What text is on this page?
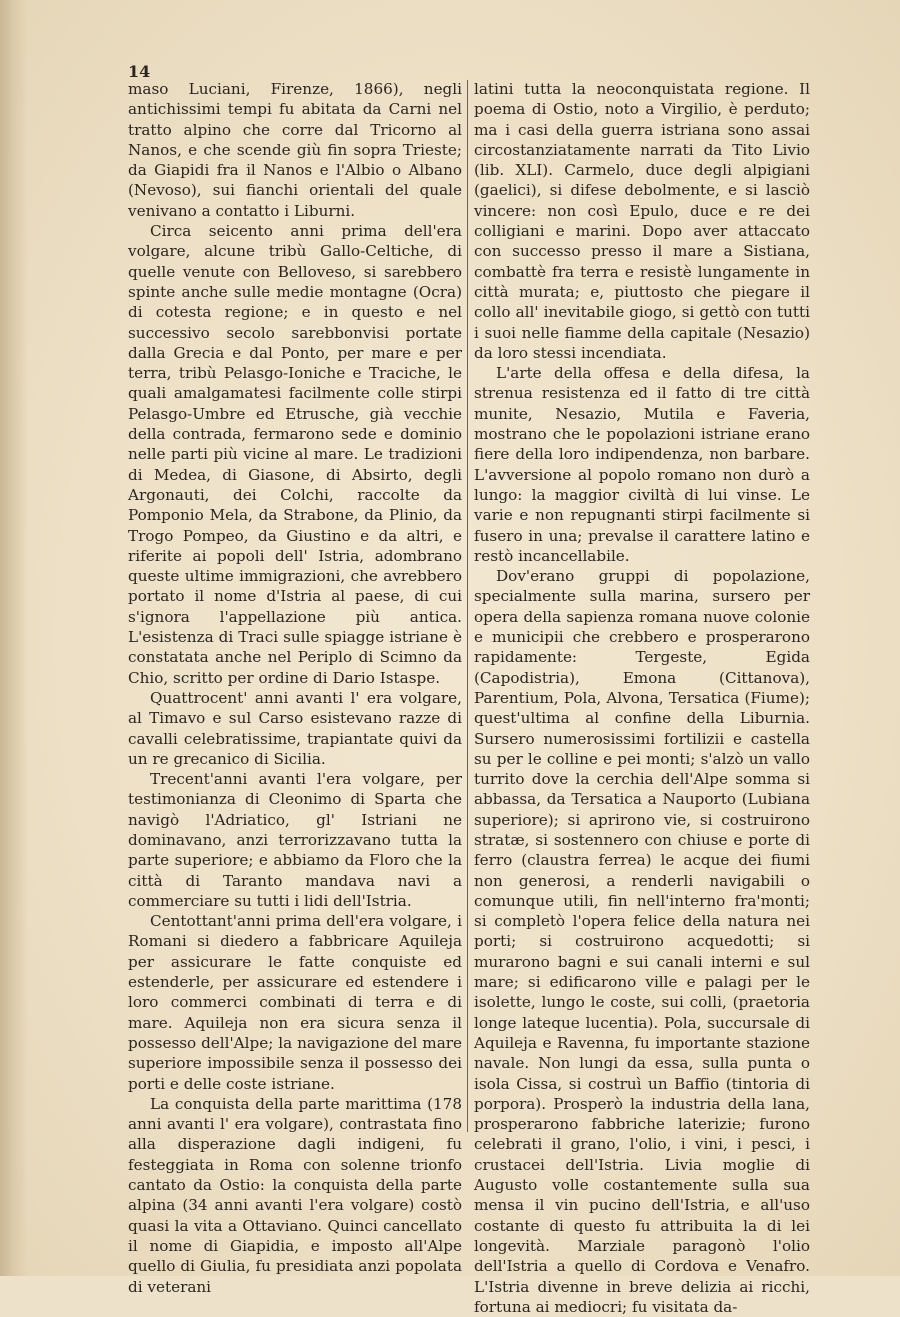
14

maso Luciani, Firenze, 1866), negli antichissimi tempi fu abitata da Carni nel tratto alpino che corre dal Tricorno al Nanos, e che scende giù fin sopra Trieste; da Giapidi fra il Nanos e l'Albio o Albano (Nevoso), sui fianchi orientali del quale venivano a contatto i Liburni.

Circa seicento anni prima dell'era volgare, alcune tribù Gallo-Celtiche, di quelle venute con Belloveso, si sarebbero spinte anche sulle medie montagne (Ocra) di cotesta regione; e in questo e nel successivo secolo sarebbonvisi portate dalla Grecia e dal Ponto, per mare e per terra, tribù Pelasgo-Ioniche e Traciche, le quali amalgamatesi facilmente colle stirpi Pelasgo-Umbre ed Etrusche, già vecchie della contrada, fermarono sede e dominio nelle parti più vicine al mare. Le tradizioni di Medea, di Giasone, di Absirto, degli Argonauti, dei Colchi, raccolte da Pomponio Mela, da Strabone, da Plinio, da Trogo Pompeo, da Giustino e da altri, e riferite ai popoli dell' Istria, adombrano queste ultime immigrazioni, che avrebbero portato il nome d'Istria al paese, di cui s'ignora l'appellazione più antica. L'esistenza di Traci sulle spiagge istriane è constatata anche nel Periplo di Scimno da Chio, scritto per ordine di Dario Istaspe.

Quattrocent' anni avanti l' era volgare, al Timavo e sul Carso esistevano razze di cavalli celebratissime, trapiantate quivi da un re grecanico di Sicilia.

Trecent'anni avanti l'era volgare, per testimonianza di Cleonimo di Sparta che navigò l'Adriatico, gl' Istriani ne dominavano, anzi terrorizzavano tutta la parte superiore; e abbiamo da Floro che la città di Taranto mandava navi a commerciare su tutti i lidi dell'Istria.

Centottant'anni prima dell'era volgare, i Romani si diedero a fabbricare Aquileja per assicurare le fatte conquiste ed estenderle, per assicurare ed estendere i loro commerci combinati di terra e di mare. Aquileja non era sicura senza il possesso dell'Alpe; la navigazione del mare superiore impossibile senza il possesso dei porti e delle coste istriane.

La conquista della parte marittima (178 anni avanti l' era volgare), contrastata fino alla disperazione dagli indigeni, fu festeggiata in Roma con solenne trionfo cantato da Ostio: la conquista della parte alpina (34 anni avanti l'era volgare) costò quasi la vita a Ottaviano. Quinci cancellato il nome di Giapidia, e imposto all'Alpe quello di Giulia, fu presidiata anzi popolata di veterani

latini tutta la neoconquistata regione. Il poema di Ostio, noto a Virgilio, è perduto; ma i casi della guerra istriana sono assai circostanziatamente narrati da Tito Livio (lib. XLI). Carmelo, duce degli alpigiani (gaelici), si difese debolmente, e si lasciò vincere: non così Epulo, duce e re dei colligiani e marini. Dopo aver attaccato con successo presso il mare a Sistiana, combattè fra terra e resistè lungamente in città murata; e, piuttosto che piegare il collo all' inevitabile giogo, si gettò con tutti i suoi nelle fiamme della capitale (Nesazio) da loro stessi incendiata.

L'arte della offesa e della difesa, la strenua resistenza ed il fatto di tre città munite, Nesazio, Mutila e Faveria, mostrano che le popolazioni istriane erano fiere della loro indipendenza, non barbare. L'avversione al popolo romano non durò a lungo: la maggior civiltà di lui vinse. Le varie e non repugnanti stirpi facilmente si fusero in una; prevalse il carattere latino e restò incancellabile.

Dov'erano gruppi di popolazione, specialmente sulla marina, sursero per opera della sapienza romana nuove colonie e municipii che crebbero e prosperarono rapidamente: Tergeste, Egida (Capodistria), Emona (Cittanova), Parentium, Pola, Alvona, Tersatica (Fiume); quest'ultima al confine della Liburnia. Sursero numerosissimi fortilizii e castella su per le colline e pei monti; s'alzò un vallo turrito dove la cerchia dell'Alpe somma si abbassa, da Tersatica a Nauporto (Lubiana superiore); si aprirono vie, si costruirono stratæ, si sostennero con chiuse e porte di ferro (claustra ferrea) le acque dei fiumi non generosi, a renderli navigabili o comunque utili, fin nell'interno fra'monti; si completò l'opera felice della natura nei porti; si costruirono acquedotti; si murarono bagni e sui canali interni e sul mare; si edificarono ville e palagi per le isolette, lungo le coste, sui colli, (praetoria longe lateque lucentia). Pola, succursale di Aquileja e Ravenna, fu importante stazione navale. Non lungi da essa, sulla punta o isola Cissa, si costruì un Baffio (tintoria di porpora). Prosperò la industria della lana, prosperarono fabbriche laterizie; furono celebrati il grano, l'olio, i vini, i pesci, i crustacei dell'Istria. Livia moglie di Augusto volle costantemente sulla sua mensa il vin pucino dell'Istria, e all'uso costante di questo fu attribuita la di lei longevità. Marziale paragonò l'olio dell'Istria a quello di Cordova e Venafro. L'Istria divenne in breve delizia ai ricchi, fortuna ai mediocri; fu visitata da-
